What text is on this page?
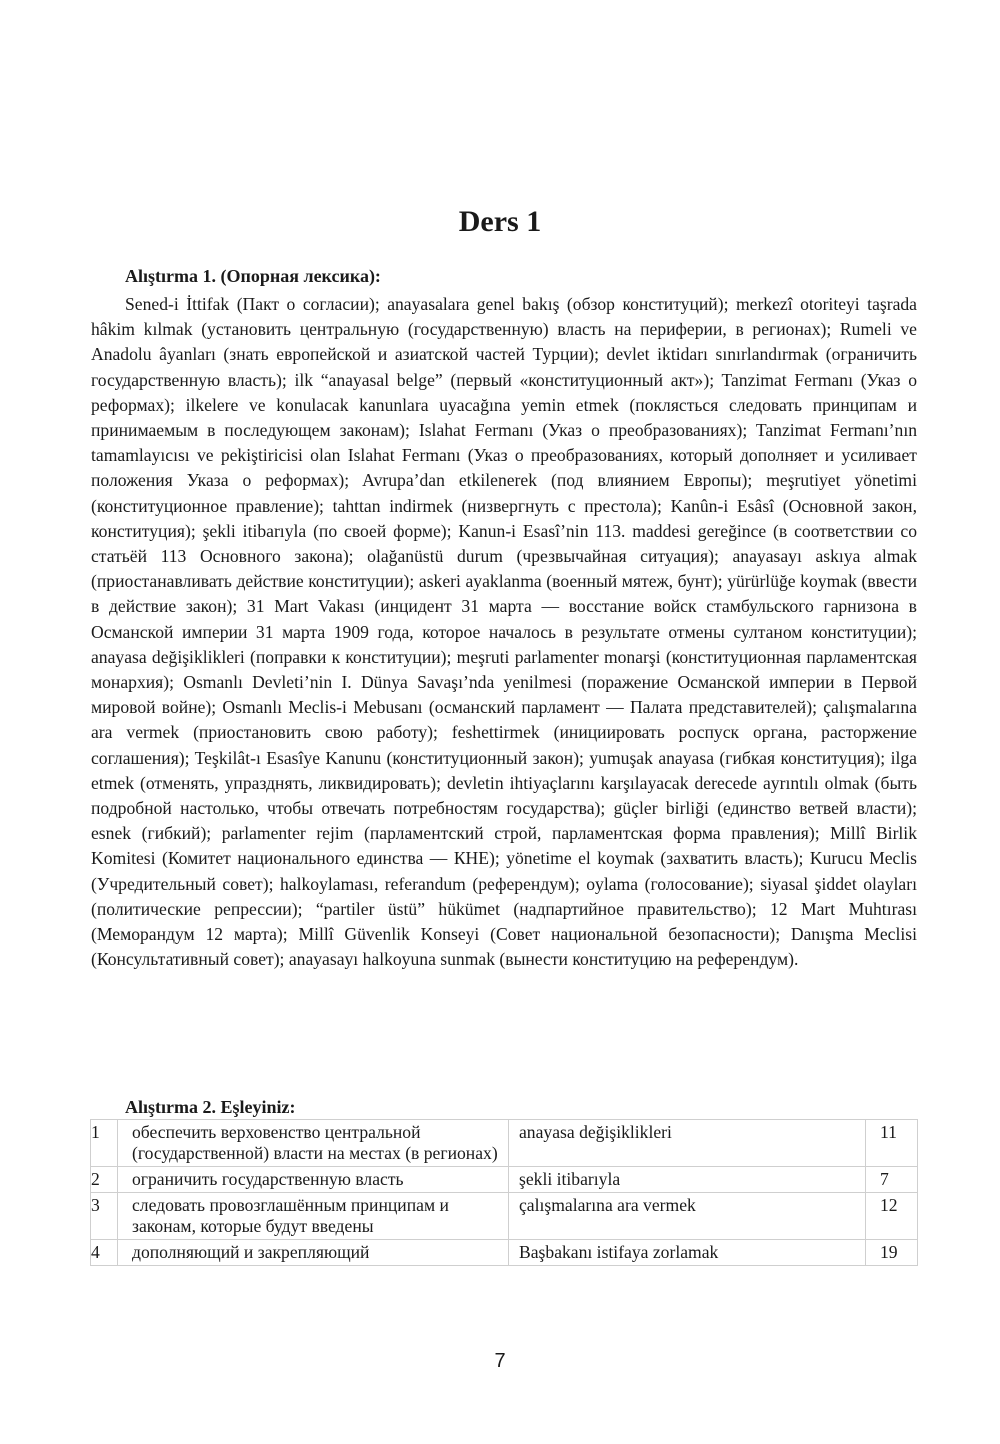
Ders 1
Alıştırma 1. (Опорная лексика):

Sened-i İttifak (Пакт о согласии); anayasalara genel bakış (обзор конституций); merkezî otoriteyi taşrada hâkim kılmak (установить центральную (государственную) власть на периферии, в регионах); Rumeli ve Anadolu âyanları (знать европейской и азиатской частей Турции); devlet iktidarı sınırlandırmak (ограничить государственную власть); ilk “anayasal belge” (первый «конституционный акт»); Tanzimat Fermanı (Указ о реформах); ilkelere ve konulacak kanunlara uyacağına yemin etmek (поклясться следовать принципам и принимаемым в последующем законам); Islahat Fermanı (Указ о преобразованиях); Tanzimat Fermanı’nın tamamlayıcısı ve pekiştiricisi olan Islahat Fermanı (Указ о преобразованиях, который дополняет и усиливает положения Указа о реформах); Avrupa’dan etkilenerek (под влиянием Европы); meşrutiyet yönetimi (конституционное правление); tahttan indirmek (низвергнуть с престола); Kanûn-i Esâsî (Основной закон, конституция); şekli itibarıyla (по своей форме); Kanun-i Esasî’nin 113. maddesi gereğince (в соответствии со статьёй 113 Основного закона); olağanüstü durum (чрезвычайная ситуация); anayasayı askıya almak (приостанавливать действие конституции); askeri ayaklanma (военный мятеж, бунт); yürürlüğe koymak (ввести в действие закон); 31 Mart Vakası (инцидент 31 марта — восстание войск стамбульского гарнизона в Османской империи 31 марта 1909 года, которое началось в результате отмены султаном конституции); anayasa değişiklikleri (поправки к конституции); meşruti parlamenter monarşi (конституционная парламентская монархия); Osmanlı Devleti’nin I. Dünya Savaşı’nda yenilmesi (поражение Османской империи в Первой мировой войне); Osmanlı Meclis-i Mebusanı (османский парламент — Палата представителей); çalışmalarına ara vermek (приостановить свою работу); feshettirmek (инициировать роспуск органа, расторжение соглашения); Teşkilât-ı Esasîye Kanunu (конституционный закон); yumuşak anayasa (гибкая конституция); ilga etmek (отменять, упразднять, ликвидировать); devletin ihtiyaçlarını karşılayacak derecede ayrıntılı olmak (быть подробной настолько, чтобы отвечать потребностям государства); güçler birliği (единство ветвей власти); esnek (гибкий); parlamenter rejim (парламентский строй, парламентская форма правления); Millî Birlik Komitesi (Комитет национального единства — КНЕ); yönetime el koymak (захватить власть); Kurucu Meclis (Учредительный совет); halkoylaması, referandum (референдум); oylama (голосование); siyasal şiddet olayları (политические репрессии); “partiler üstü” hükümet (надпартийное правительство); 12 Mart Muhtırası (Меморандум 12 марта); Millî Güvenlik Konseyi (Совет национальной безопасности); Danışma Meclisi (Консультативный совет); anayasayı halkoyuna sunmak (вынести конституцию на референдум).

Alıştırma 2. Eşleyiniz:
1	обеспечить верховенство центральной (государственной) власти на местах (в регионах)	anayasa değişiklikleri	11
2	ограничить государственную власть	şekli itibarıyla	7
3	следовать провозглашённым принципам и законам, которые будут введены	çalışmalarına ara vermek	12
4	дополняющий и закрепляющий	Başbakanı istifaya zorlamak	19
7
